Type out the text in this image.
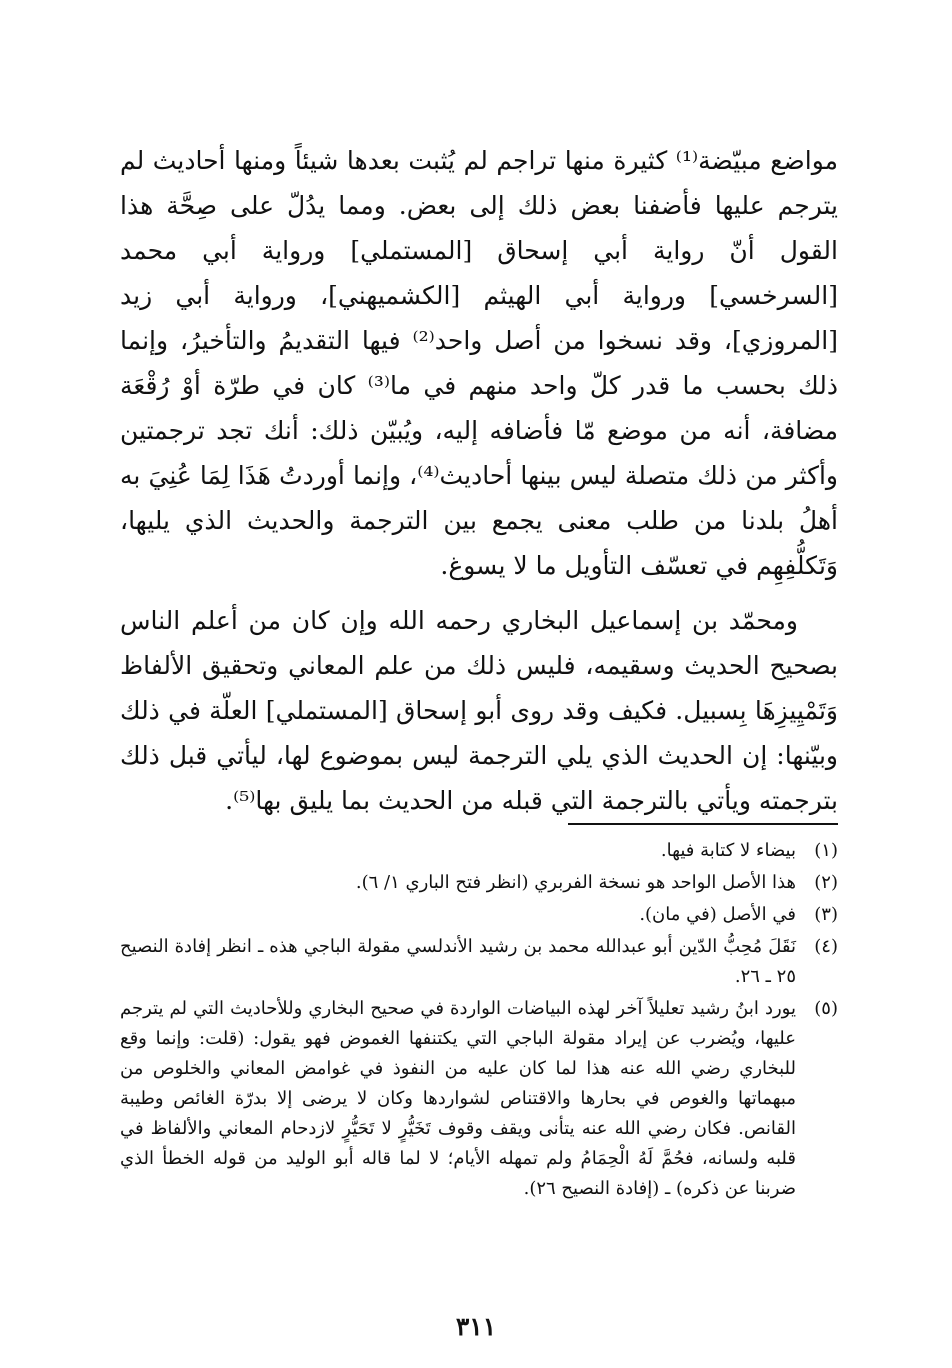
مواضع مبيّضة⁽¹⁾ كثيرة منها تراجم لم يُثبت بعدها شيئاً ومنها أحاديث لم يترجم عليها فأضفنا بعض ذلك إلى بعض. ومما يدُلّ على صِحَّة هذا القول أنّ رواية أبي إسحاق [المستملي] ورواية أبي محمد [السرخسي] ورواية أبي الهيثم [الكشميهني]، ورواية أبي زيد [المروزي]، وقد نسخوا من أصل واحد⁽²⁾ فيها التقديمُ والتأخيرُ، وإنما ذلك بحسب ما قدر كلّ واحد منهم في ما⁽³⁾ كان في طرّة أوْ رُقْعَة مضافة، أنه من موضع مّا فأضافه إليه، ويُبيّن ذلك: أنك تجد ترجمتين وأكثر من ذلك متصلة ليس بينها أحاديث⁽⁴⁾، وإنما أوردتُ هَذَا لِمَا عُنِيَ به أهلُ بلدنا من طلب معنى يجمع بين الترجمة والحديث الذي يليها، وَتَكلُّفِهِم في تعسّف التأويل ما لا يسوغ.

ومحمّد بن إسماعيل البخاري رحمه الله وإن كان من أعلم الناس بصحيح الحديث وسقيمه، فليس ذلك من علم المعاني وتحقيق الألفاظ وَتَمْيِيزِهَا بِسبيل. فكيف وقد روى أبو إسحاق [المستملي] العلّة في ذلك وبيّنها: إن الحديث الذي يلي الترجمة ليس بموضوع لها، ليأتي قبل ذلك بترجمته ويأتي بالترجمة التي قبله من الحديث بما يليق بها⁽⁵⁾.

(١)
بيضاء لا كتابة فيها.
(٢)
هذا الأصل الواحد هو نسخة الفربري (انظر فتح الباري ١/ ٦).
(٣)
في الأصل (في مان).
(٤)
نَقَلَ مُحِبُّ الدّين أبو عبدالله محمد بن رشيد الأندلسي مقولة الباجي هذه ـ انظر إفادة النصيح ٢٥ ـ ٢٦.
(٥)
يورد ابنُ رشيد تعليلاً آخر لهذه البياضات الواردة في صحيح البخاري وللأحاديث التي لم يترجم عليها، ويُضرب عن إيراد مقولة الباجي التي يكتنفها الغموض فهو يقول: (قلت: وإنما وقع للبخاري رضي الله عنه هذا لما كان عليه من النفوذ في غوامض المعاني والخلوص من مبهماتها والغوص في بحارها والاقتناص لشواردها وكان لا يرضى إلا بدرّة الغائص وطيبة القانص. فكان رضي الله عنه يتأنى ويقف وقوف تَخَيُّرٍ لا تَحَيُّرٍ لازدحام المعاني والألفاظ في قلبه ولسانه، فحُمَّ لَهُ الْحِمَامُ ولم تمهله الأيام؛ لا لما قاله أبو الوليد من قوله الخطأ الذي ضربنا عن ذكره) ـ (إفادة النصيح ٢٦).
٣١١
